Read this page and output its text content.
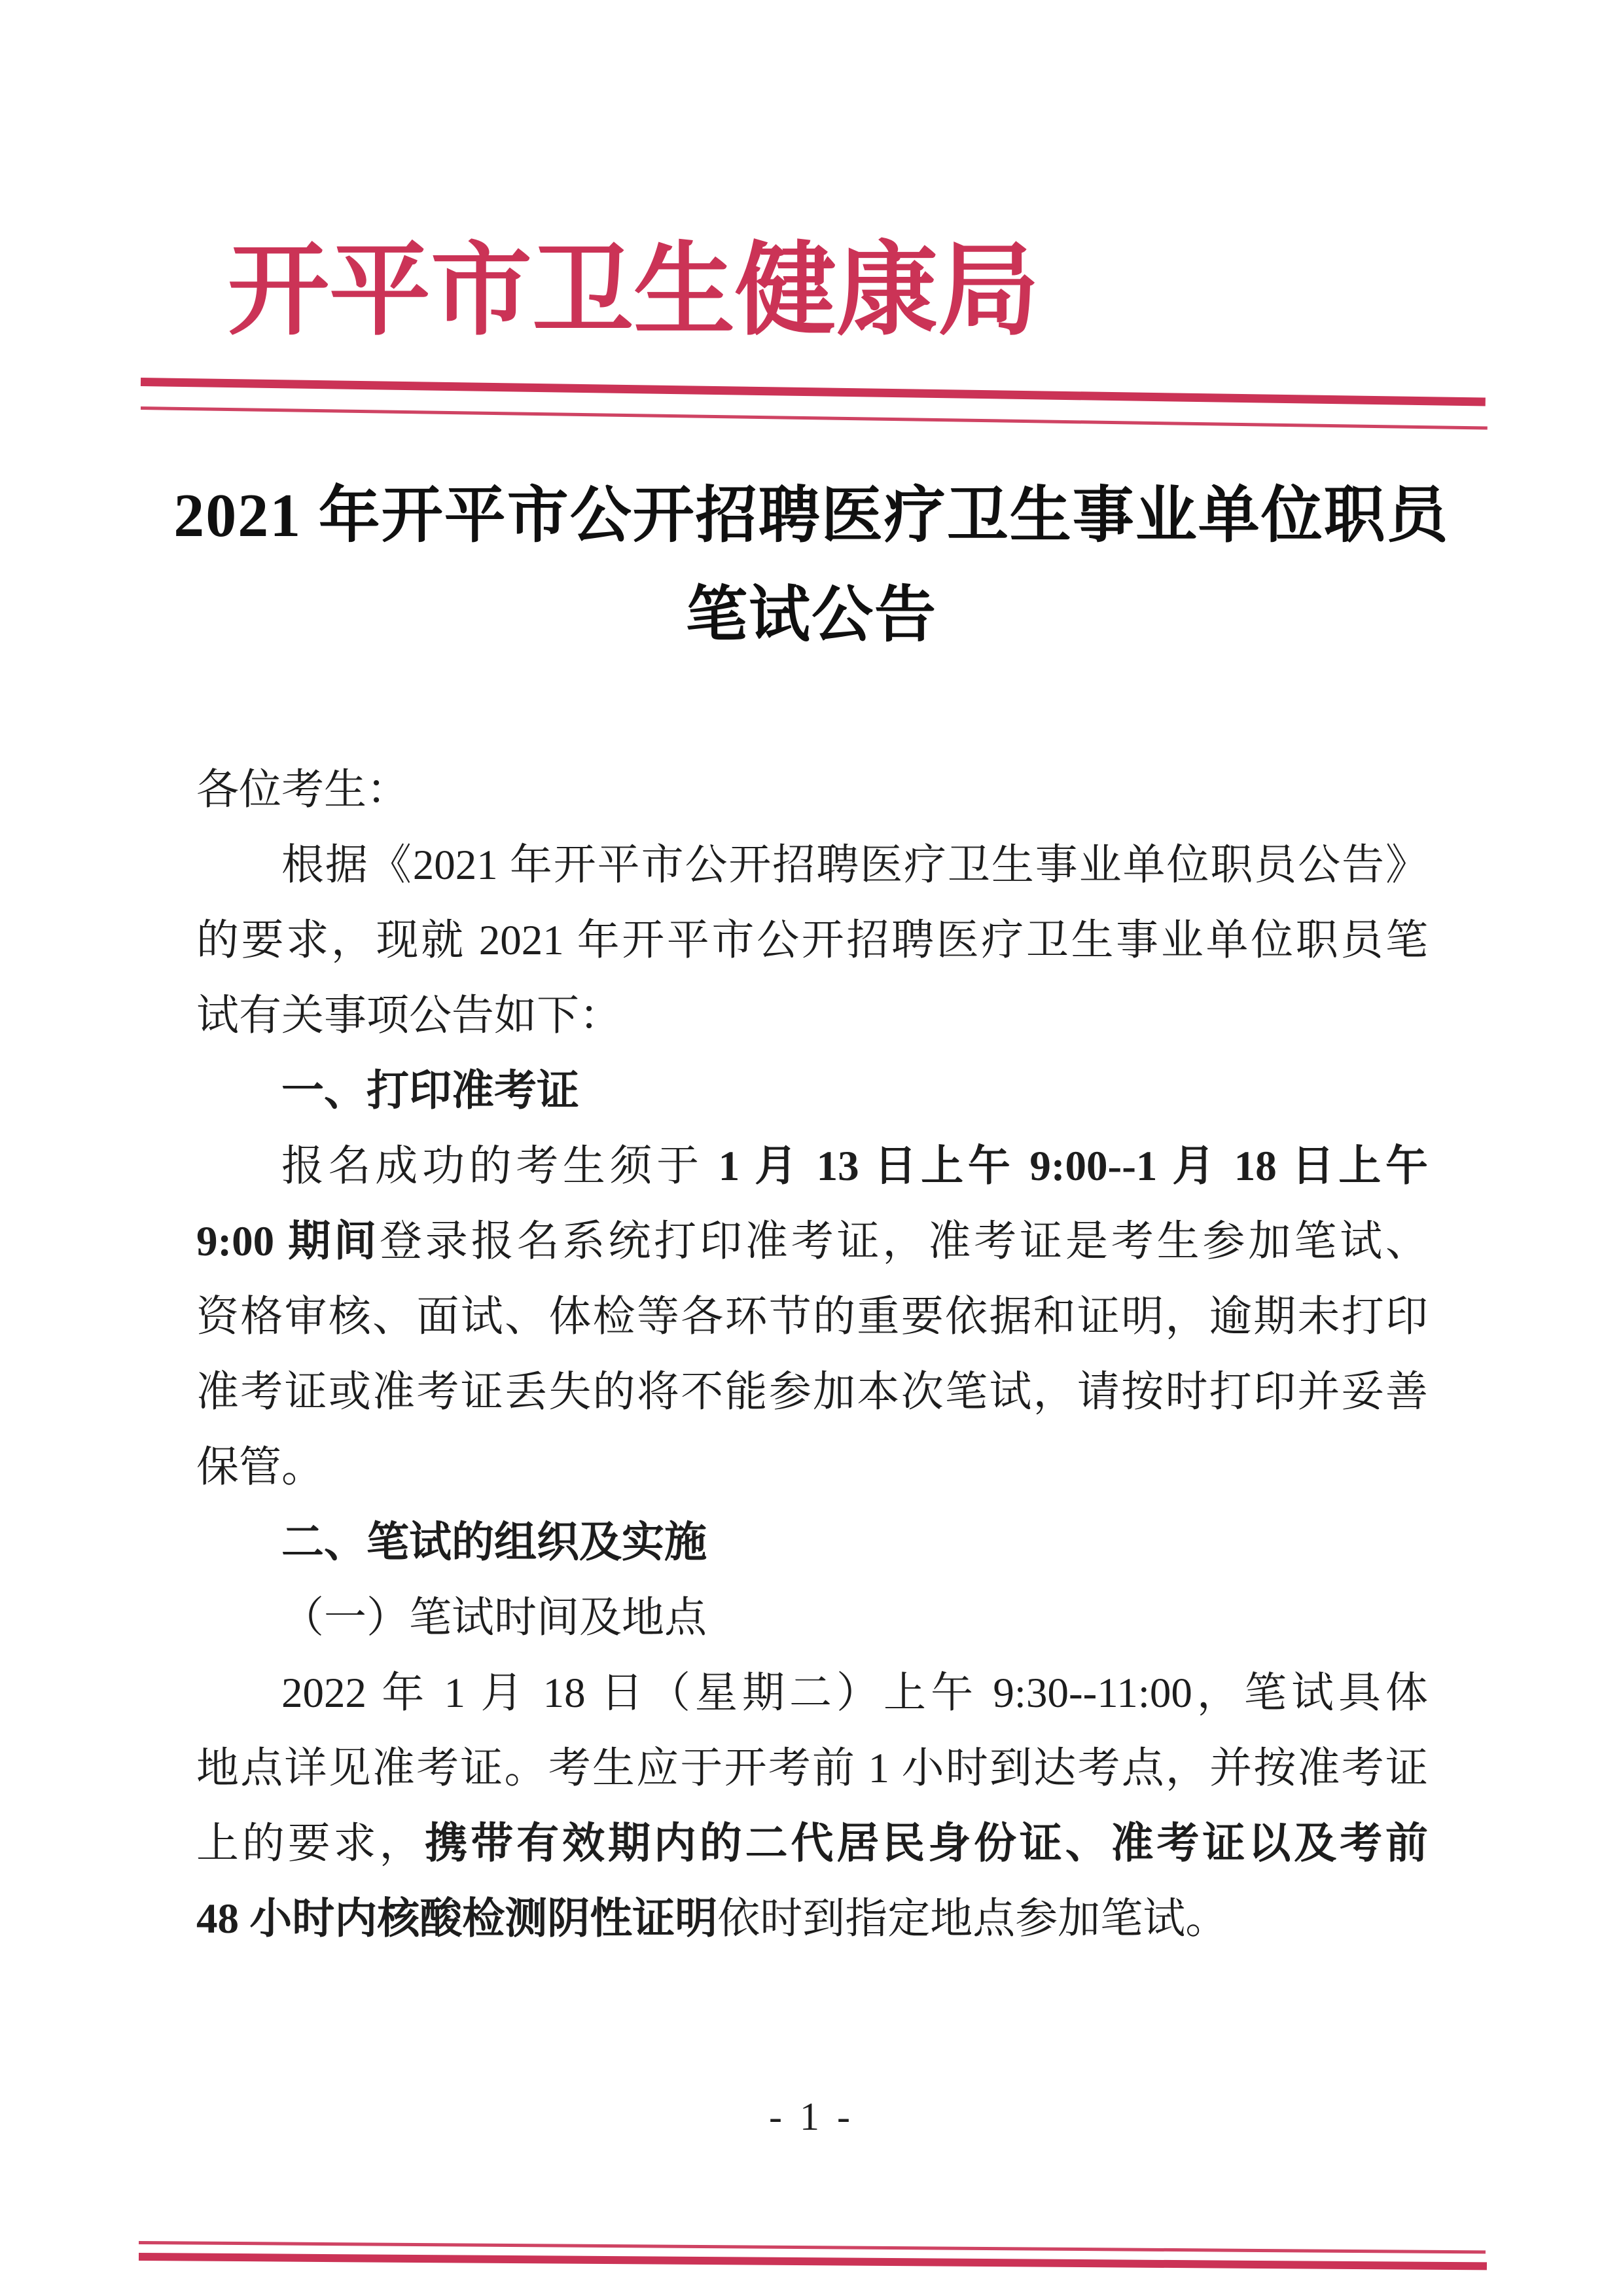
开平市卫生健康局
2021 年开平市公开招聘医疗卫生事业单位职员
笔试公告
各位考生：
根据《2021 年开平市公开招聘医疗卫生事业单位职员公告》
的要求，现就 2021 年开平市公开招聘医疗卫生事业单位职员笔
试有关事项公告如下：
一、打印准考证
报名成功的考生须于 1 月 13 日上午 9:00--1 月 18 日上午
9:00 期间登录报名系统打印准考证，准考证是考生参加笔试、
资格审核、面试、体检等各环节的重要依据和证明，逾期未打印
准考证或准考证丢失的将不能参加本次笔试，请按时打印并妥善
保管。
二、笔试的组织及实施
（一）笔试时间及地点
2022 年 1 月 18 日（星期二）上午 9:30--11:00，笔试具体
地点详见准考证。考生应于开考前 1 小时到达考点，并按准考证
上的要求，携带有效期内的二代居民身份证、准考证以及考前
48 小时内核酸检测阴性证明依时到指定地点参加笔试。
- 1 -
